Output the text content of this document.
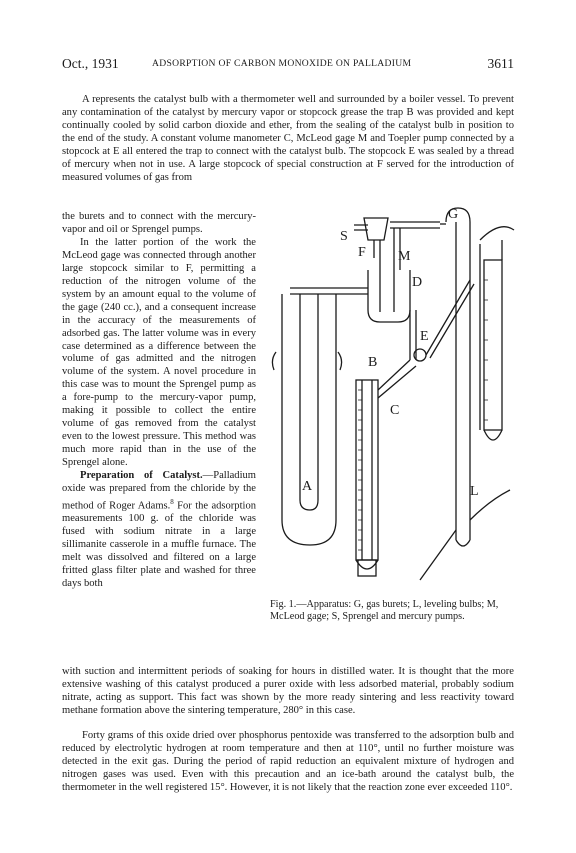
Oct., 1931	ADSORPTION OF CARBON MONOXIDE ON PALLADIUM	3611

A represents the catalyst bulb with a thermometer well and surrounded by a boiler vessel. To prevent any contamination of the catalyst by mercury vapor or stopcock grease the trap B was provided and kept continually cooled by solid carbon dioxide and ether, from the sealing of the catalyst bulb in position to the end of the study. A constant volume manometer C, McLeod gage M and Toepler pump connected by a stopcock at E all entered the trap to connect with the catalyst bulb. The stopcock E was sealed by a thread of mercury when not in use. A large stopcock of special construction at F served for the introduction of measured volumes of gas from

the burets and to connect with the mercury-vapor and oil or Sprengel pumps.

In the latter portion of the work the McLeod gage was connected through another large stopcock similar to F, permitting a reduction of the nitrogen volume of the system by an amount equal to the volume of the gage (240 cc.), and a consequent increase in the accuracy of the measurements of adsorbed gas. The latter volume was in every case determined as a difference between the volume of gas admitted and the nitrogen volume of the system. A novel procedure in this case was to mount the Sprengel pump as a fore-pump to the mercury-vapor pump, making it possible to collect the entire volume of gas removed from the catalyst even to the lowest pressure. This method was much more rapid than in the use of the Sprengel alone.

Preparation of Catalyst.—Palladium oxide was prepared from the chloride by the method of Roger Adams.$^8$ For the adsorption measurements 100 g. of the chloride was fused with sodium nitrate in a large sillimanite casserole in a muffle furnace. The melt was dissolved and filtered on a large fritted glass filter plate and washed for three days both

S
F
G
M
D
E
B
C
A	L
Fig. 1.—Apparatus: G, gas burets; L, leveling bulbs; M, McLeod gage; S, Sprengel and mercury pumps.

with suction and intermittent periods of soaking for hours in distilled water. It is thought that the more extensive washing of this catalyst produced a purer oxide with less adsorbed material, probably sodium nitrate, acting as support. This fact was shown by the more ready sintering and less reactivity toward methane formation above the sintering temperature, 280° in this case.

Forty grams of this oxide dried over phosphorus pentoxide was transferred to the adsorption bulb and reduced by electrolytic hydrogen at room temperature and then at 110°, until no further moisture was detected in the exit gas. During the period of rapid reduction an equivalent mixture of hydrogen and nitrogen gases was used. Even with this precaution and an ice-bath around the catalyst bulb, the thermometer in the well registered 15°. However, it is not likely that the reaction zone ever exceeded 110°.
